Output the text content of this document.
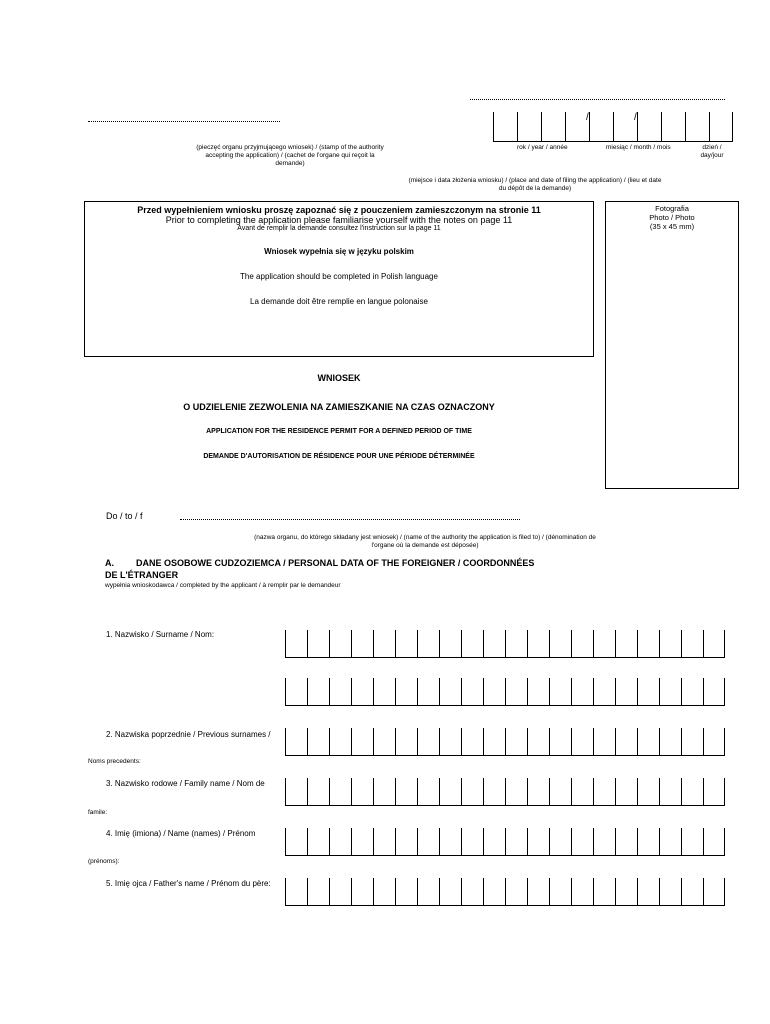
/	/
(pieczęć organu przyjmującego wniosek) / (stamp of the authority accepting the application) / (cachet de l'organe qui reçoit la demande)
rok / year / année	miesiąc / month / mois	dzień / day/jour
(miejsce i data złożenia wniosku) / (place and date of filing the application) / (lieu et date du dépôt de la demande)
Przed wypełnieniem wniosku proszę zapoznać się z pouczeniem zamieszczonym na stronie 11
Prior to completing the application please familiarise yourself with the notes on page 11
Avant de remplir la demande consultez l'instruction sur la page 11
Wniosek wypełnia się w języku polskim
The application should be completed in Polish language
La demande doit être remplie en langue polonaise
Fotografia
Photo / Photo
(35 x 45 mm)
WNIOSEK
O UDZIELENIE ZEZWOLENIA NA ZAMIESZKANIE NA CZAS OZNACZONY
APPLICATION FOR THE RESIDENCE PERMIT FOR A DEFINED PERIOD OF TIME
DEMANDE D'AUTORISATION DE RÉSIDENCE POUR UNE PÉRIODE DÉTERMINÉE
Do / to / f
(nazwa organu, do którego składany jest wniosek) / (name of the authority the application is filed to) / (dénomination de l'organe où la demande est déposée)
A. DANE OSOBOWE CUDZOZIEMCA / PERSONAL DATA OF THE FOREIGNER / COORDONNÉES
DE L'ÉTRANGER
wypełnia wnioskodawca / completed by the applicant / à remplir par le demandeur
1. Nazwisko / Surname / Nom:
2. Nazwiska poprzednie / Previous surnames /
Noms precedents:
3. Nazwisko rodowe / Family name / Nom de
famile:
4. Imię (imiona) / Name (names) / Prénom
(prénoms):
5. Imię ojca / Father's name / Prénom du père:
